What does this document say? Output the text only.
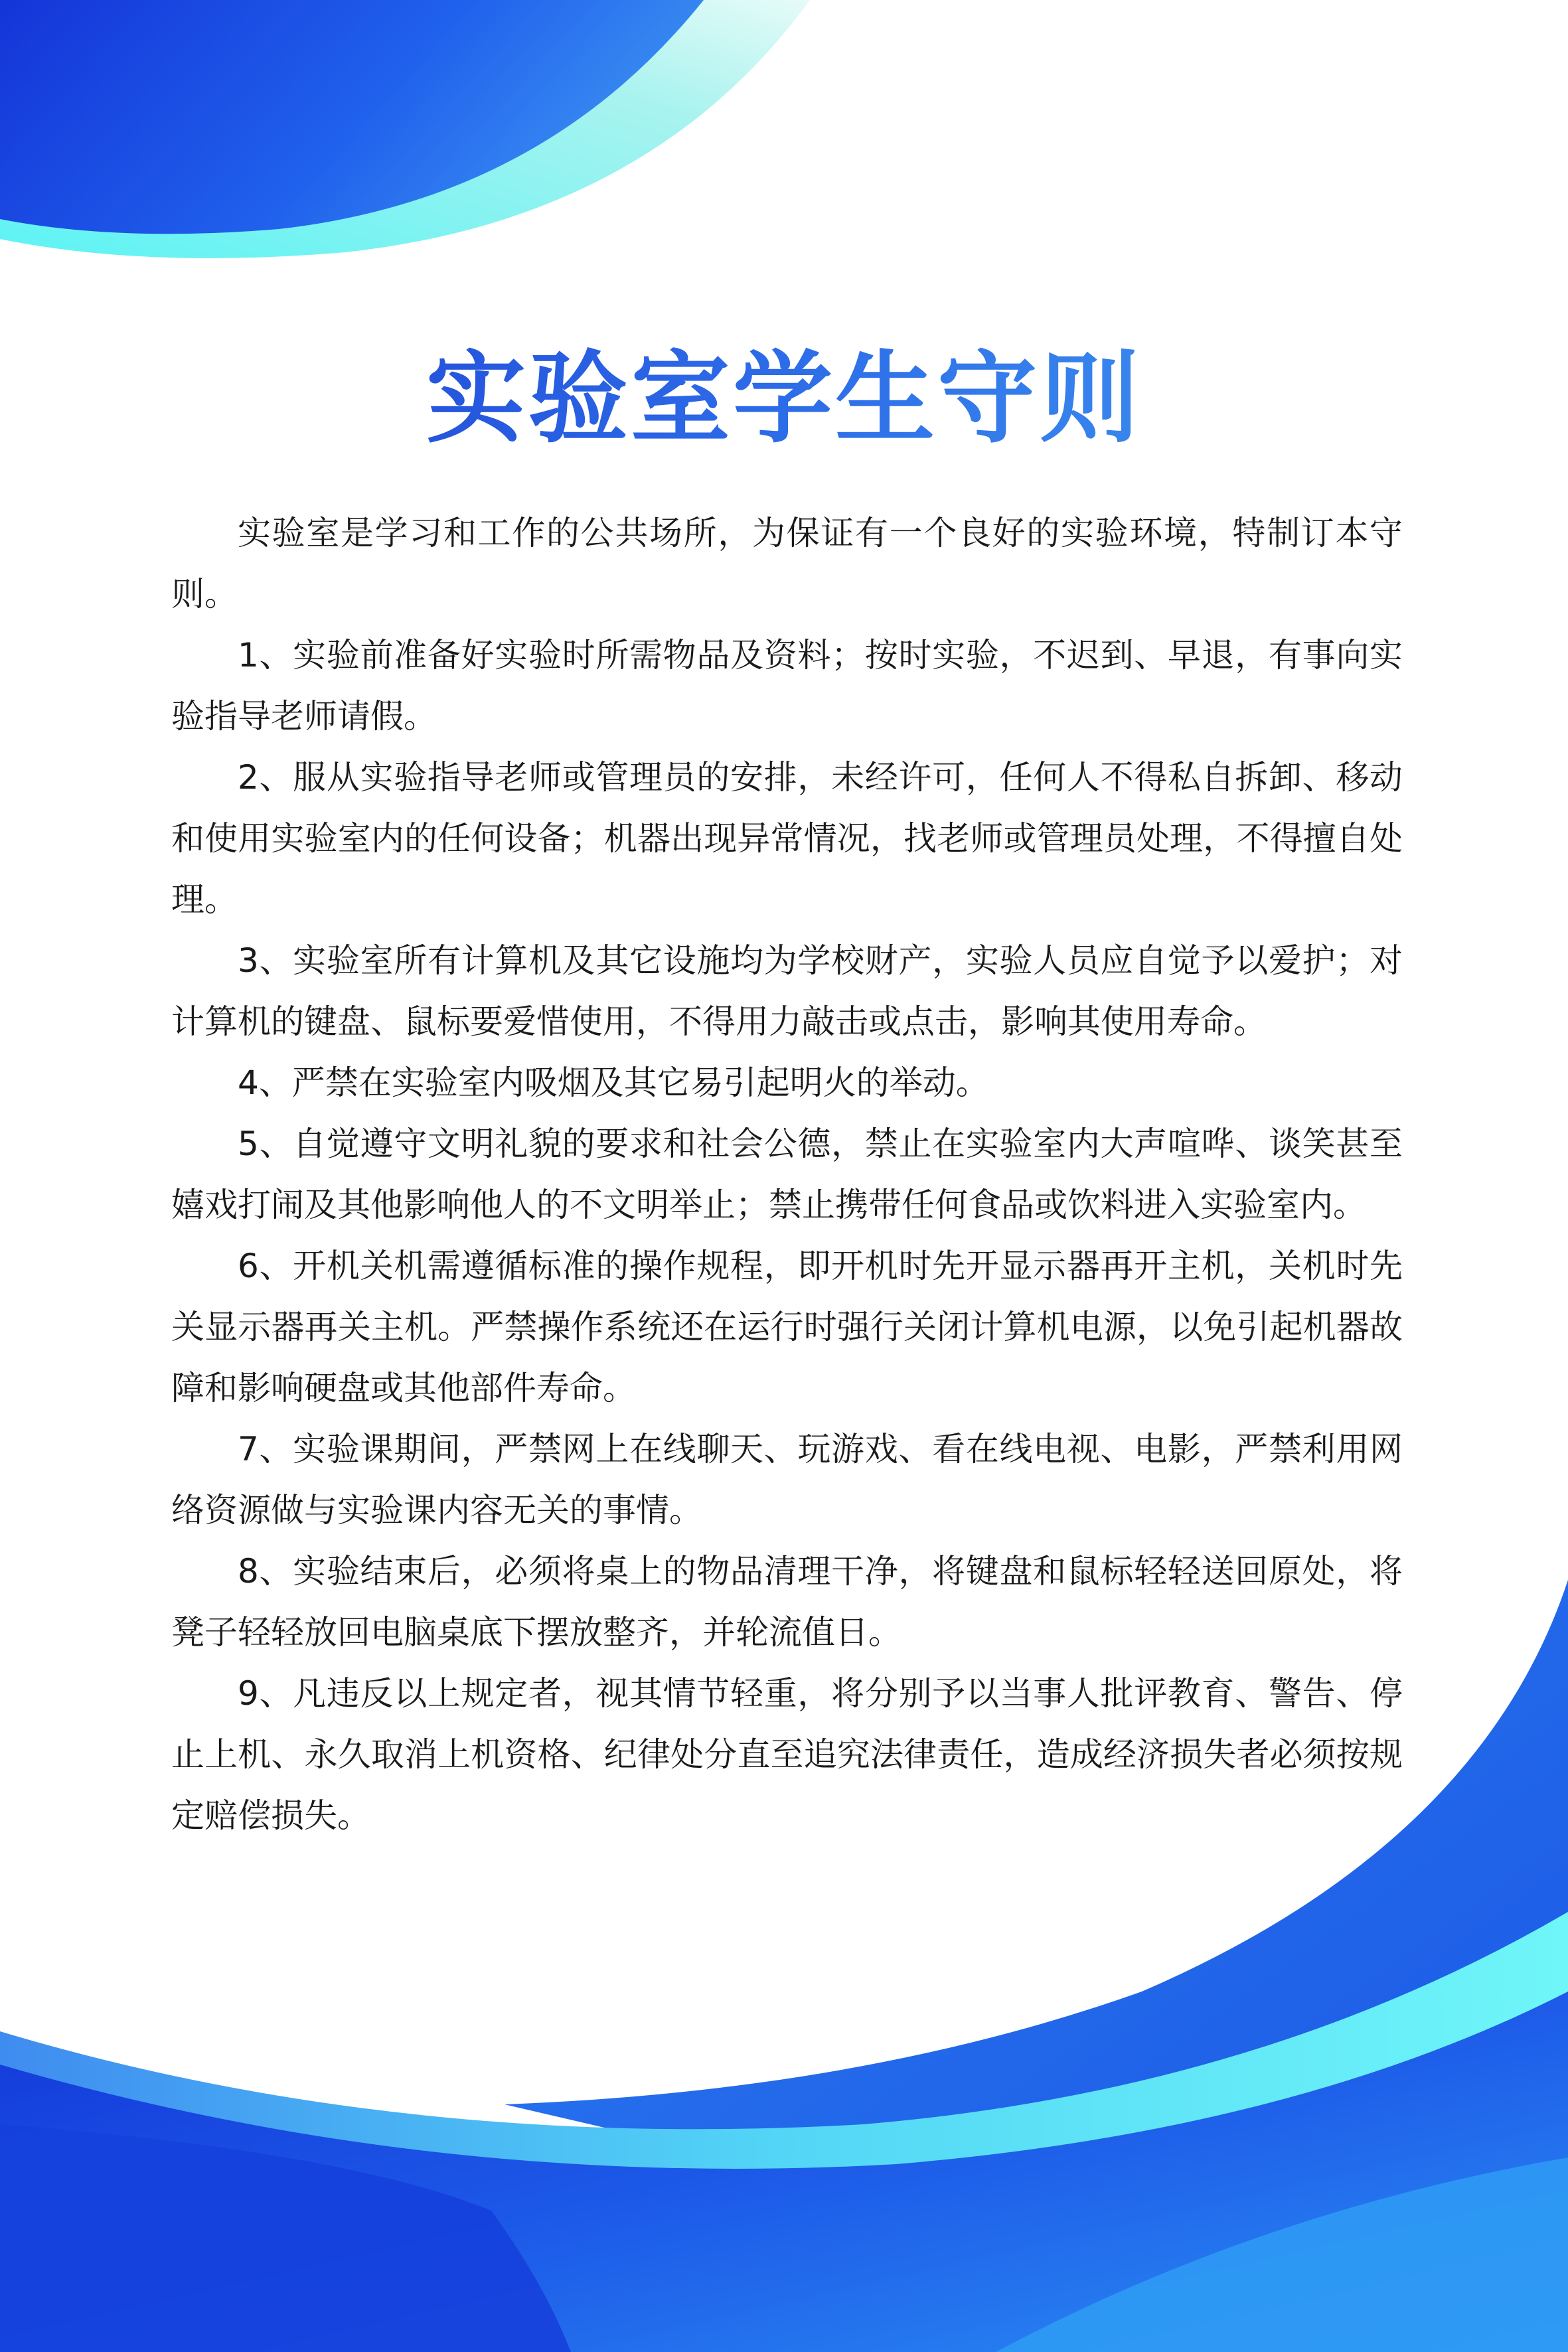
实验室学生守则

实验室是学习和工作的公共场所，为保证有一个良好的实验环境，特制订本守则。

1、实验前准备好实验时所需物品及资料；按时实验，不迟到、早退，有事向实验指导老师请假。

2、服从实验指导老师或管理员的安排，未经许可，任何人不得私自拆卸、移动和使用实验室内的任何设备；机器出现异常情况，找老师或管理员处理，不得擅自处理。

3、实验室所有计算机及其它设施均为学校财产，实验人员应自觉予以爱护；对计算机的键盘、鼠标要爱惜使用，不得用力敲击或点击，影响其使用寿命。

4、严禁在实验室内吸烟及其它易引起明火的举动。

5、自觉遵守文明礼貌的要求和社会公德，禁止在实验室内大声喧哗、谈笑甚至嬉戏打闹及其他影响他人的不文明举止；禁止携带任何食品或饮料进入实验室内。

6、开机关机需遵循标准的操作规程，即开机时先开显示器再开主机，关机时先关显示器再关主机。严禁操作系统还在运行时强行关闭计算机电源，以免引起机器故障和影响硬盘或其他部件寿命。

7、实验课期间，严禁网上在线聊天、玩游戏、看在线电视、电影，严禁利用网络资源做与实验课内容无关的事情。

8、实验结束后，必须将桌上的物品清理干净，将键盘和鼠标轻轻送回原处，将凳子轻轻放回电脑桌底下摆放整齐，并轮流值日。

9、凡违反以上规定者，视其情节轻重，将分别予以当事人批评教育、警告、停止上机、永久取消上机资格、纪律处分直至追究法律责任，造成经济损失者必须按规定赔偿损失。
